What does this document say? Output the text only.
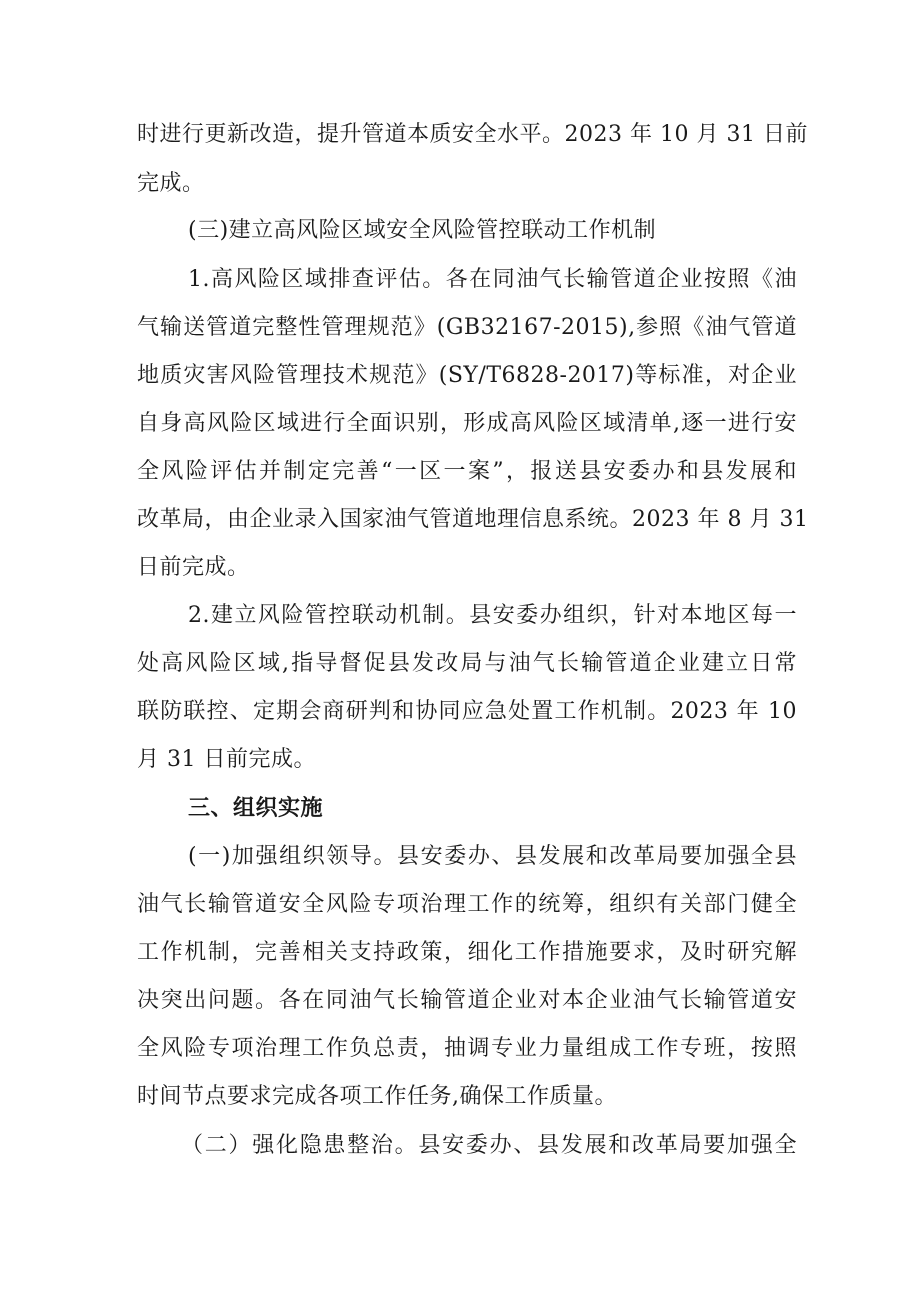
时进行更新改造，提升管道本质安全水平。2023 年 10 月 31 日前
完成。
(三)建立高风险区域安全风险管控联动工作机制
1.高风险区域排查评估。各在同油气长输管道企业按照《油
气输送管道完整性管理规范》(GB32167-2015),参照《油气管道
地质灾害风险管理技术规范》(SY/T6828-2017)等标准，对企业
自身高风险区域进行全面识别，形成高风险区域清单,逐一进行安
全风险评估并制定完善“一区一案”，报送县安委办和县发展和
改革局，由企业录入国家油气管道地理信息系统。2023 年 8 月 31
日前完成。
2.建立风险管控联动机制。县安委办组织，针对本地区每一
处高风险区域,指导督促县发改局与油气长输管道企业建立日常
联防联控、定期会商研判和协同应急处置工作机制。2023 年 10
月 31 日前完成。
三、组织实施
(一)加强组织领导。县安委办、县发展和改革局要加强全县
油气长输管道安全风险专项治理工作的统筹，组织有关部门健全
工作机制，完善相关支持政策，细化工作措施要求，及时研究解
决突出问题。各在同油气长输管道企业对本企业油气长输管道安
全风险专项治理工作负总责，抽调专业力量组成工作专班，按照
时间节点要求完成各项工作任务,确保工作质量。
（二）强化隐患整治。县安委办、县发展和改革局要加强全
